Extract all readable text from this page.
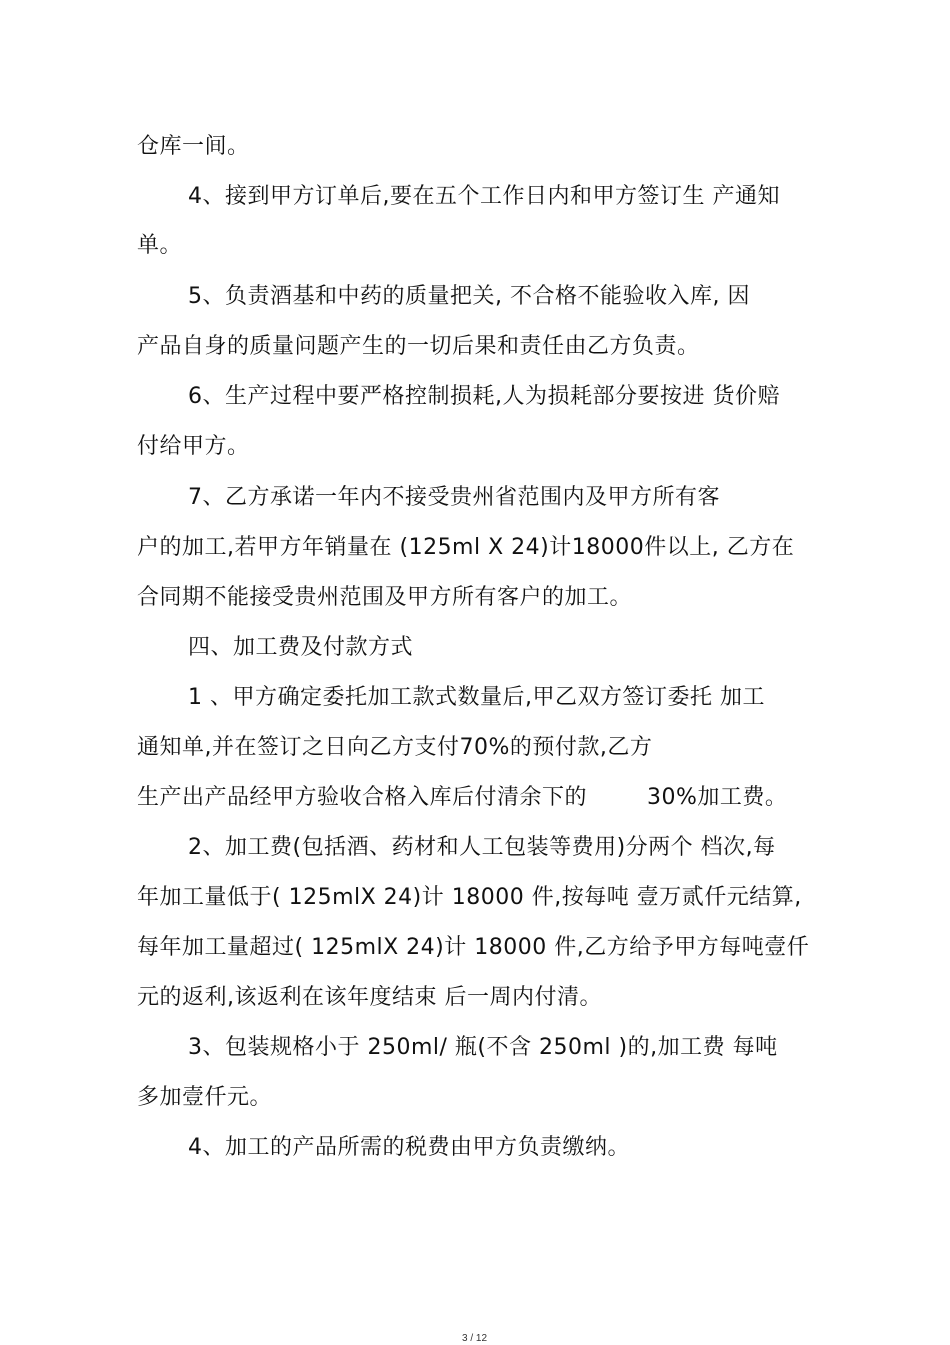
仓库一间。
4、接到甲方订单后,要在五个工作日内和甲方签订生 产通知
单。
5、负责酒基和中药的质量把关, 不合格不能验收入库, 因
产品自身的质量问题产生的一切后果和责任由乙方负责。
6、生产过程中要严格控制损耗,人为损耗部分要按进 货价赔
付给甲方。
7、乙方承诺一年内不接受贵州省范围内及甲方所有客
户的加工,若甲方年销量在 (125ml X 24)计18000件以上, 乙方在
合同期不能接受贵州范围及甲方所有客户的加工。
四、加工费及付款方式
1 、甲方确定委托加工款式数量后,甲乙双方签订委托 加工
通知单,并在签订之日向乙方支付70%的预付款,乙方
生产出产品经甲方验收合格入库后付清余下的        30%加工费。
2、加工费(包括酒、药材和人工包装等费用)分两个 档次,每
年加工量低于( 125mlX 24)计 18000 件,按每吨 壹万贰仟元结算,
每年加工量超过( 125mlX 24)计 18000 件,乙方给予甲方每吨壹仟
元的返利,该返利在该年度结束 后一周内付清。
3、包装规格小于 250ml/ 瓶(不含 250ml )的,加工费 每吨
多加壹仟元。
4、加工的产品所需的税费由甲方负责缴纳。
3 / 12
